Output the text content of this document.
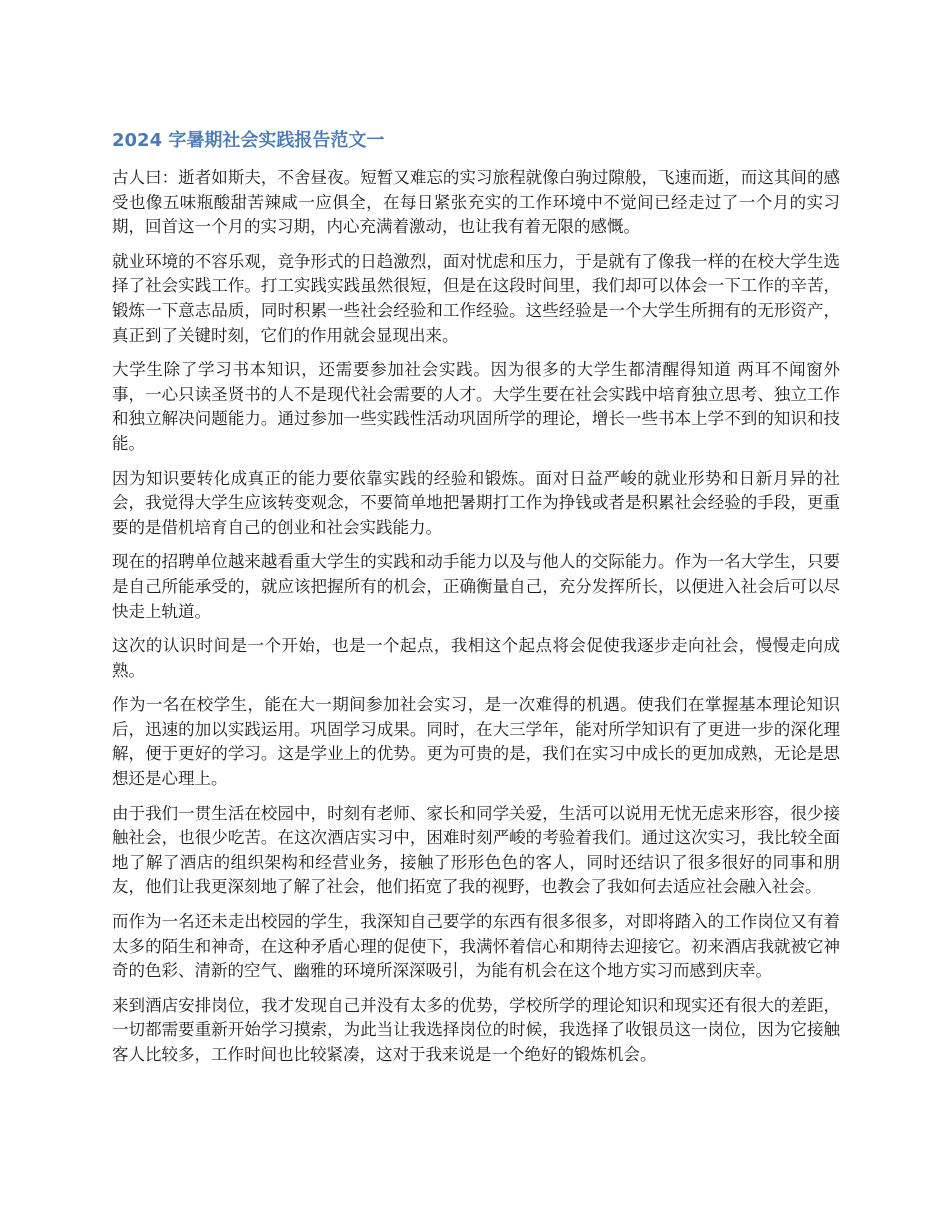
2024 字暑期社会实践报告范文一

古人曰：逝者如斯夫，不舍昼夜。短暂又难忘的实习旅程就像白驹过隙般，飞速而逝，而这其间的感受也像五味瓶酸甜苦辣咸一应俱全，在每日紧张充实的工作环境中不觉间已经走过了一个月的实习期，回首这一个月的实习期，内心充满着激动，也让我有着无限的感慨。

就业环境的不容乐观，竞争形式的日趋激烈，面对忧虑和压力，于是就有了像我一样的在校大学生选择了社会实践工作。打工实践实践虽然很短，但是在这段时间里，我们却可以体会一下工作的辛苦，锻炼一下意志品质，同时积累一些社会经验和工作经验。这些经验是一个大学生所拥有的无形资产，真正到了关键时刻，它们的作用就会显现出来。

大学生除了学习书本知识，还需要参加社会实践。因为很多的大学生都清醒得知道 两耳不闻窗外事，一心只读圣贤书的人不是现代社会需要的人才。大学生要在社会实践中培育独立思考、独立工作和独立解决问题能力。通过参加一些实践性活动巩固所学的理论，增长一些书本上学不到的知识和技能。

因为知识要转化成真正的能力要依靠实践的经验和锻炼。面对日益严峻的就业形势和日新月异的社会，我觉得大学生应该转变观念，不要简单地把暑期打工作为挣钱或者是积累社会经验的手段，更重要的是借机培育自己的创业和社会实践能力。

现在的招聘单位越来越看重大学生的实践和动手能力以及与他人的交际能力。作为一名大学生，只要是自己所能承受的，就应该把握所有的机会，正确衡量自己，充分发挥所长，以便进入社会后可以尽快走上轨道。

这次的认识时间是一个开始，也是一个起点，我相这个起点将会促使我逐步走向社会，慢慢走向成熟。

作为一名在校学生，能在大一期间参加社会实习，是一次难得的机遇。使我们在掌握基本理论知识后，迅速的加以实践运用。巩固学习成果。同时，在大三学年，能对所学知识有了更进一步的深化理解，便于更好的学习。这是学业上的优势。更为可贵的是，我们在实习中成长的更加成熟，无论是思想还是心理上。

由于我们一贯生活在校园中，时刻有老师、家长和同学关爱，生活可以说用无忧无虑来形容，很少接触社会，也很少吃苦。在这次酒店实习中，困难时刻严峻的考验着我们。通过这次实习，我比较全面地了解了酒店的组织架构和经营业务，接触了形形色色的客人，同时还结识了很多很好的同事和朋友，他们让我更深刻地了解了社会，他们拓宽了我的视野，也教会了我如何去适应社会融入社会。

而作为一名还未走出校园的学生，我深知自己要学的东西有很多很多，对即将踏入的工作岗位又有着太多的陌生和神奇，在这种矛盾心理的促使下，我满怀着信心和期待去迎接它。初来酒店我就被它神奇的色彩、清新的空气、幽雅的环境所深深吸引，为能有机会在这个地方实习而感到庆幸。

来到酒店安排岗位，我才发现自己并没有太多的优势，学校所学的理论知识和现实还有很大的差距，一切都需要重新开始学习摸索，为此当让我选择岗位的时候，我选择了收银员这一岗位，因为它接触客人比较多，工作时间也比较紧凑，这对于我来说是一个绝好的锻炼机会。
